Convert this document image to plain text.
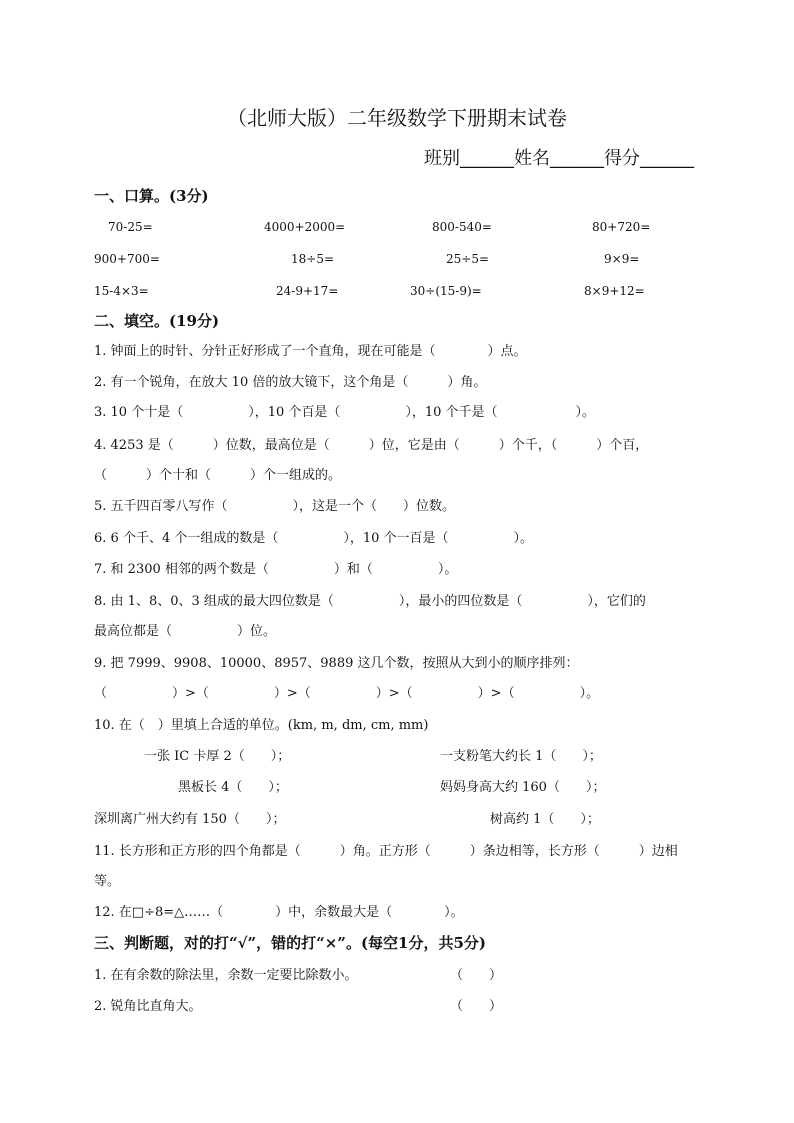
（北师大版）二年级数学下册期末试卷
班别______姓名______得分______
一、口算。(3分)
70-25=	4000+2000=	800-540=	80+720=
900+700=	18÷5=	25÷5=	9×9=
15-4×3=	24-9+17=	30÷(15-9)=	8×9+12=
二、填空。(19分)
1. 钟面上的时针、分针正好形成了一个直角，现在可能是（　　　　）点。
2. 有一个锐角，在放大 10 倍的放大镜下，这个角是（　　　）角。
3. 10 个十是（　　　　　），10 个百是（　　　　　），10 个千是（　　　　　　）。
4. 4253 是（　　　）位数，最高位是（　　　）位，它是由（　　　）个千，（　　　）个百，
（　　　）个十和（　　　）个一组成的。
5. 五千四百零八写作（　　　　　），这是一个（　　）位数。
6. 6 个千、4 个一组成的数是（　　　　　），10 个一百是（　　　　　）。
7. 和 2300 相邻的两个数是（　　　　　）和（　　　　　）。
8. 由 1、8、0、3 组成的最大四位数是（　　　　　），最小的四位数是（　　　　　），它们的
最高位都是（　　　　　）位。
9. 把 7999、9908、10000、8957、9889 这几个数，按照从大到小的顺序排列：
（　　　　　）>（　　　　　）>（　　　　　）>（　　　　　）>（　　　　　）。
10. 在（　）里填上合适的单位。(km, m, dm, cm, mm)
一张 IC 卡厚 2（　　）；	一支粉笔大约长 1（　　）；
黑板长 4（　　）；	妈妈身高大约 160（　　）；
深圳离广州大约有 150（　　）；	树高约 1（　　）；
11. 长方形和正方形的四个角都是（　　　）角。正方形（　　　）条边相等，长方形（　　　）边相
等。
12. 在□÷8=△……（　　　　）中，余数最大是（　　　　）。
三、判断题，对的打“√”，错的打“×”。(每空1分，共5分)
1. 在有余数的除法里，余数一定要比除数小。	（　　）
2. 锐角比直角大。	（　　）
